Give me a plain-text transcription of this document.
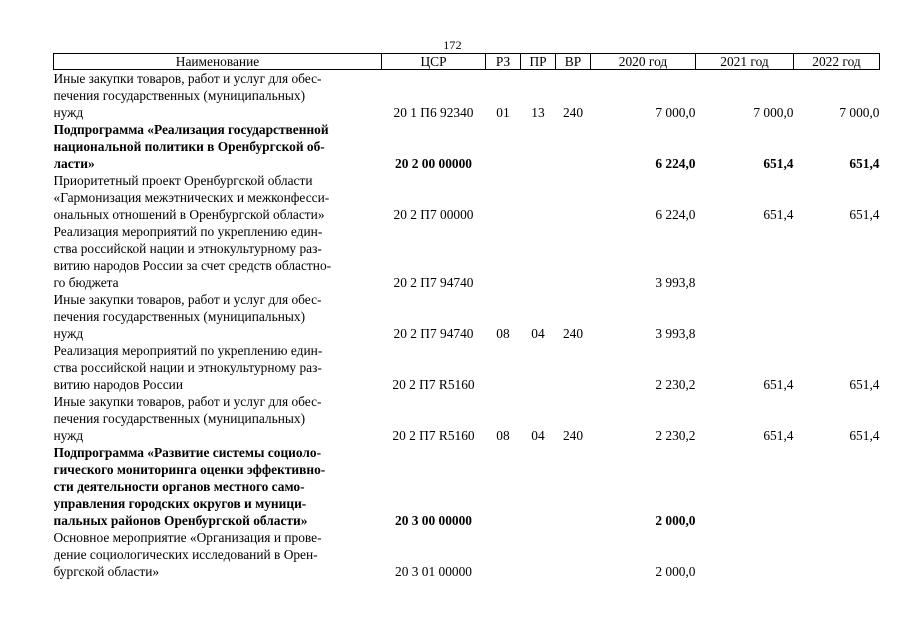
172
Наименование	ЦСР	РЗ	ПР	ВР	2020 год	2021 год	2022 год

Иные закупки товаров, работ и услуг для обес-
печения государственных (муниципальных)
нужд	20 1 П6 92340	01	13	240	7 000,0	7 000,0	7 000,0

Подпрограмма «Реализация государственной
национальной политики в Оренбургской об-
ласти»	20 2 00 00000				6 224,0	651,4	651,4

Приоритетный проект Оренбургской области
«Гармонизация межэтнических и межконфесси-
ональных отношений в Оренбургской области»	20 2 П7 00000				6 224,0	651,4	651,4

Реализация мероприятий по укреплению един-
ства российской нации и этнокультурному раз-
витию народов России за счет средств областно-
го бюджета	20 2 П7 94740				3 993,8		

Иные закупки товаров, работ и услуг для обес-
печения государственных (муниципальных)
нужд	20 2 П7 94740	08	04	240	3 993,8		

Реализация мероприятий по укреплению един-
ства российской нации и этнокультурному раз-
витию народов России	20 2 П7 R5160				2 230,2	651,4	651,4

Иные закупки товаров, работ и услуг для обес-
печения государственных (муниципальных)
нужд	20 2 П7 R5160	08	04	240	2 230,2	651,4	651,4

Подпрограмма «Развитие системы социоло-
гического мониторинга оценки эффективно-
сти деятельности органов местного само-
управления городских округов и муници-
пальных районов Оренбургской области»	20 3 00 00000				2 000,0		

Основное мероприятие «Организация и прове-
дение социологических исследований в Орен-
бургской области»	20 3 01 00000				2 000,0		
